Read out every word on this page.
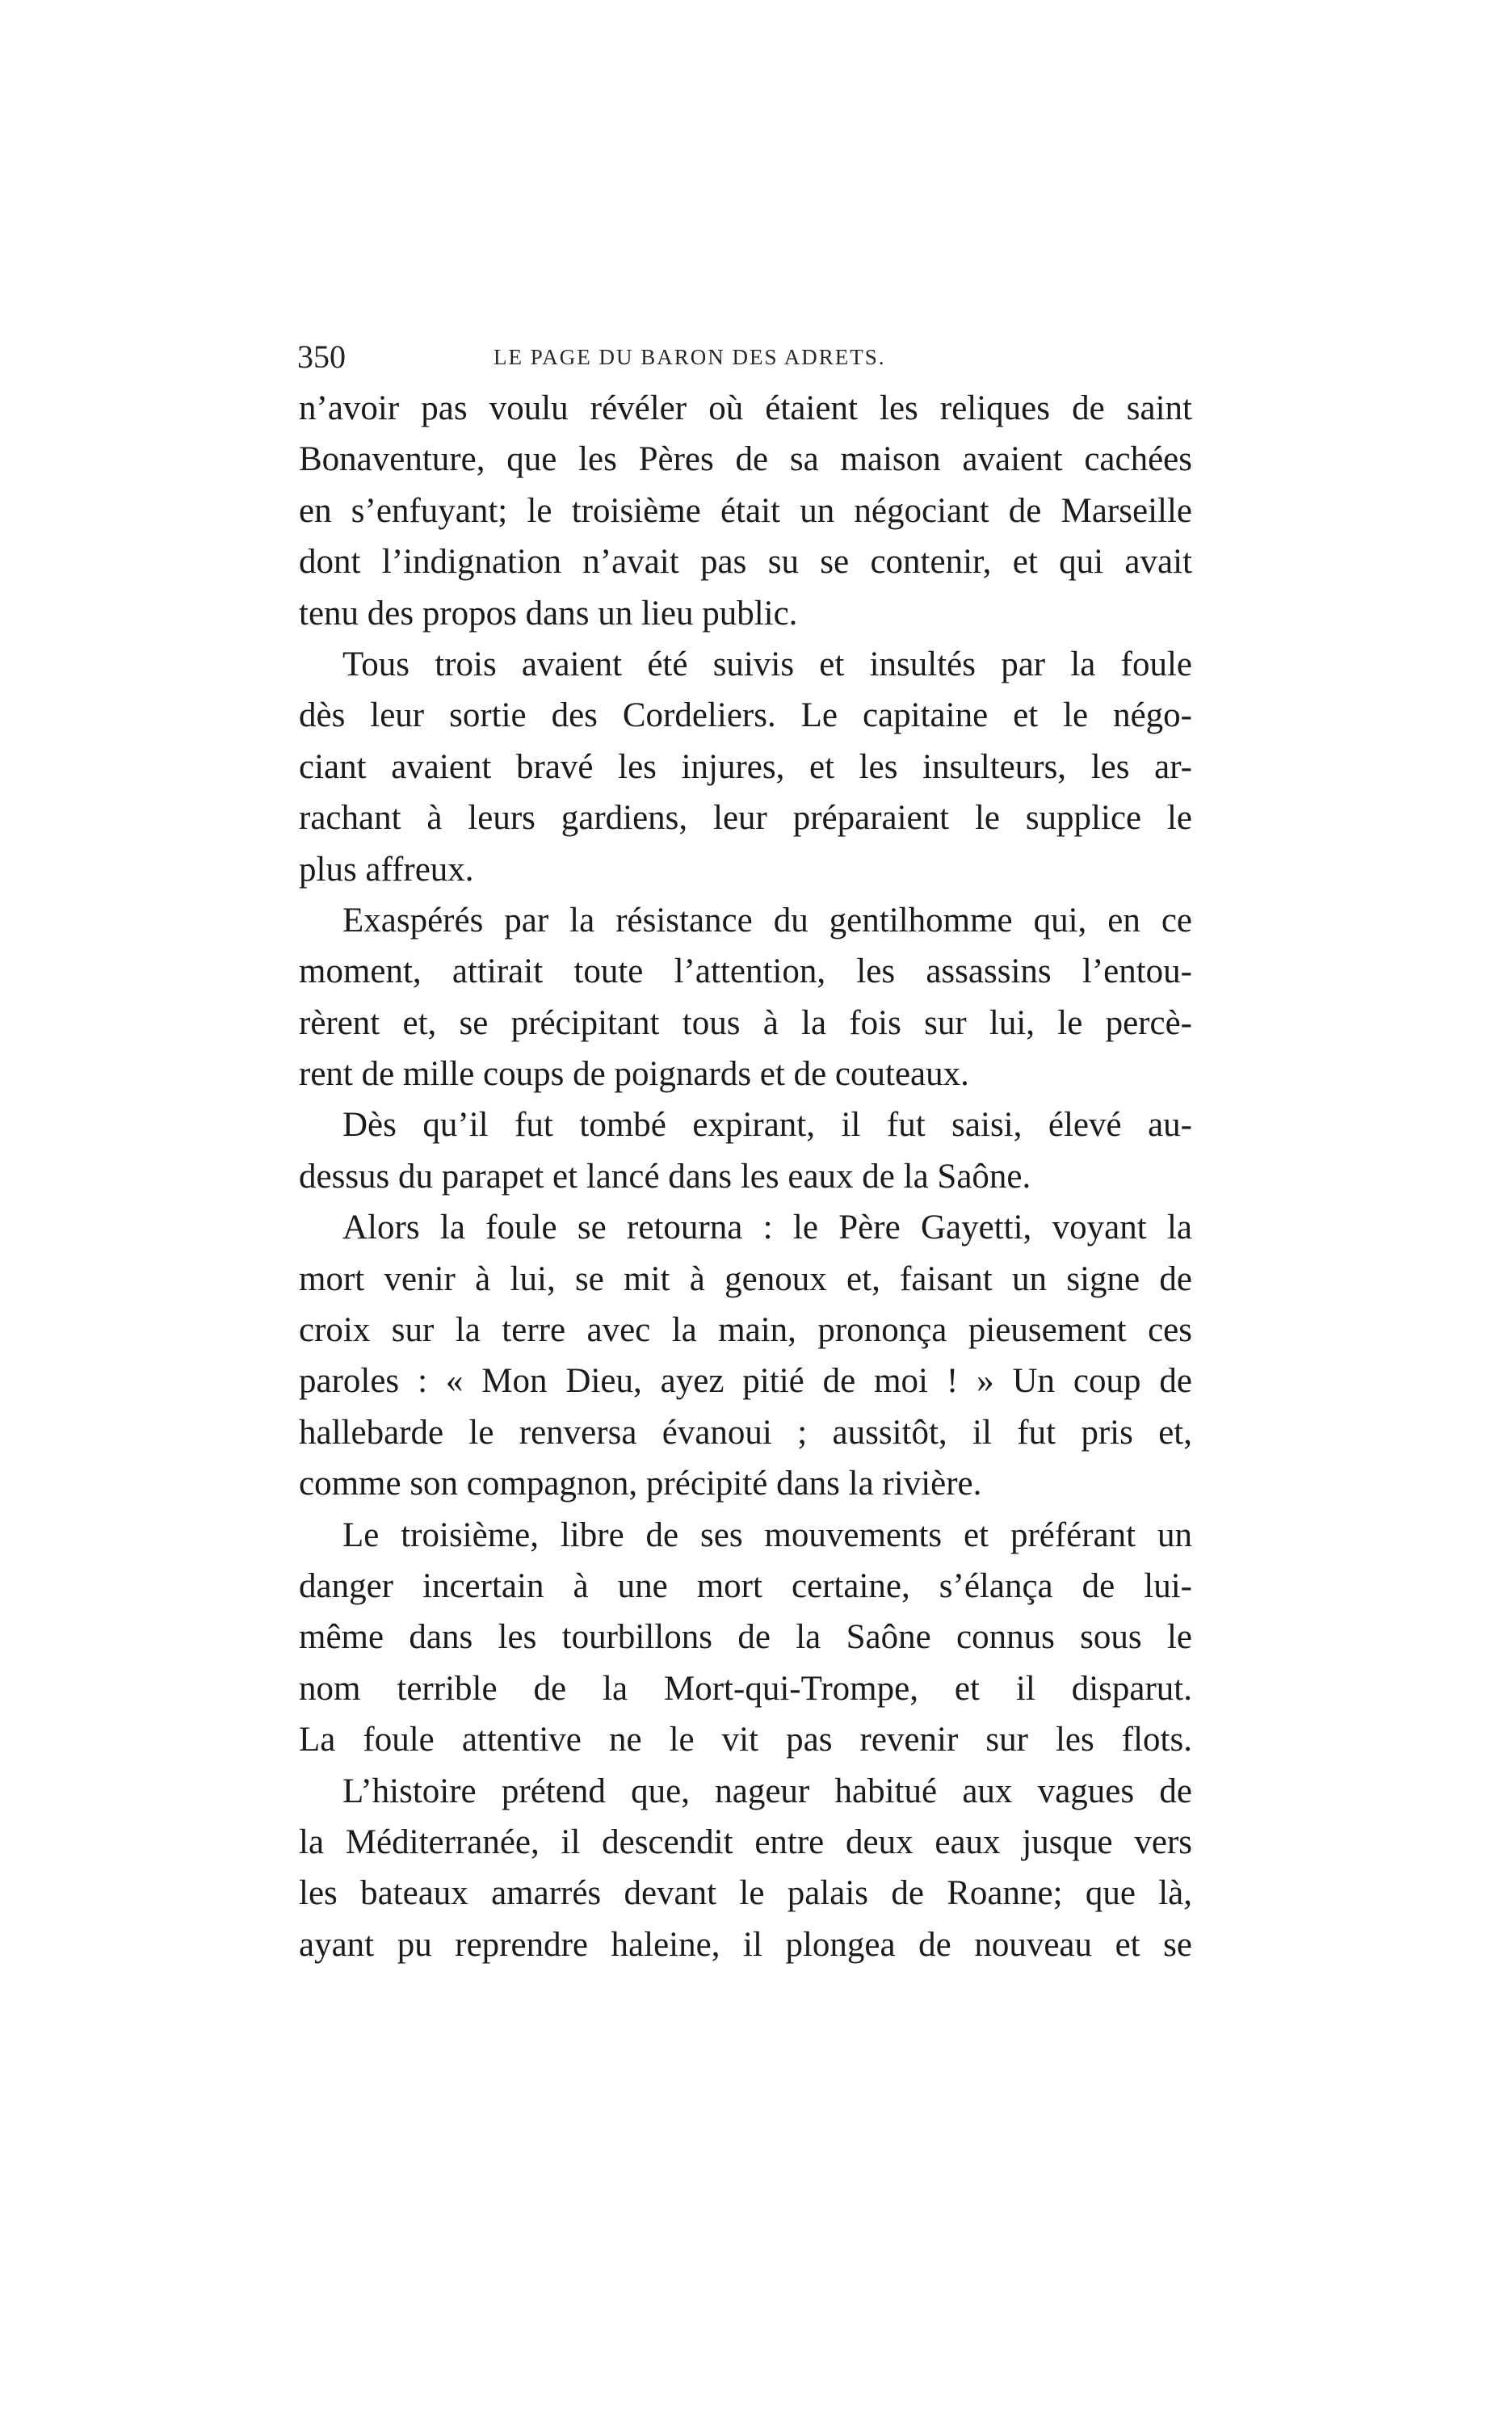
350	LE PAGE DU BARON DES ADRETS.
n’avoir pas voulu révéler où étaient les reliques de saint
Bonaventure, que les Pères de sa maison avaient cachées
en s’enfuyant; le troisième était un négociant de Marseille
dont l’indignation n’avait pas su se contenir, et qui avait
tenu des propos dans un lieu public.
Tous trois avaient été suivis et insultés par la foule
dès leur sortie des Cordeliers. Le capitaine et le négo-
ciant avaient bravé les injures, et les insulteurs, les ar-
rachant à leurs gardiens, leur préparaient le supplice le
plus affreux.
Exaspérés par la résistance du gentilhomme qui, en ce
moment, attirait toute l’attention, les assassins l’entou-
rèrent et, se précipitant tous à la fois sur lui, le percè-
rent de mille coups de poignards et de couteaux.
Dès qu’il fut tombé expirant, il fut saisi, élevé au-
dessus du parapet et lancé dans les eaux de la Saône.
Alors la foule se retourna : le Père Gayetti, voyant la
mort venir à lui, se mit à genoux et, faisant un signe de
croix sur la terre avec la main, prononça pieusement ces
paroles : « Mon Dieu, ayez pitié de moi ! » Un coup de
hallebarde le renversa évanoui ; aussitôt, il fut pris et,
comme son compagnon, précipité dans la rivière.
Le troisième, libre de ses mouvements et préférant un
danger incertain à une mort certaine, s’élança de lui-
même dans les tourbillons de la Saône connus sous le
nom terrible de la Mort-qui-Trompe, et il disparut.
La foule attentive ne le vit pas revenir sur les flots.
L’histoire prétend que, nageur habitué aux vagues de
la Méditerranée, il descendit entre deux eaux jusque vers
les bateaux amarrés devant le palais de Roanne; que là,
ayant pu reprendre haleine, il plongea de nouveau et se
